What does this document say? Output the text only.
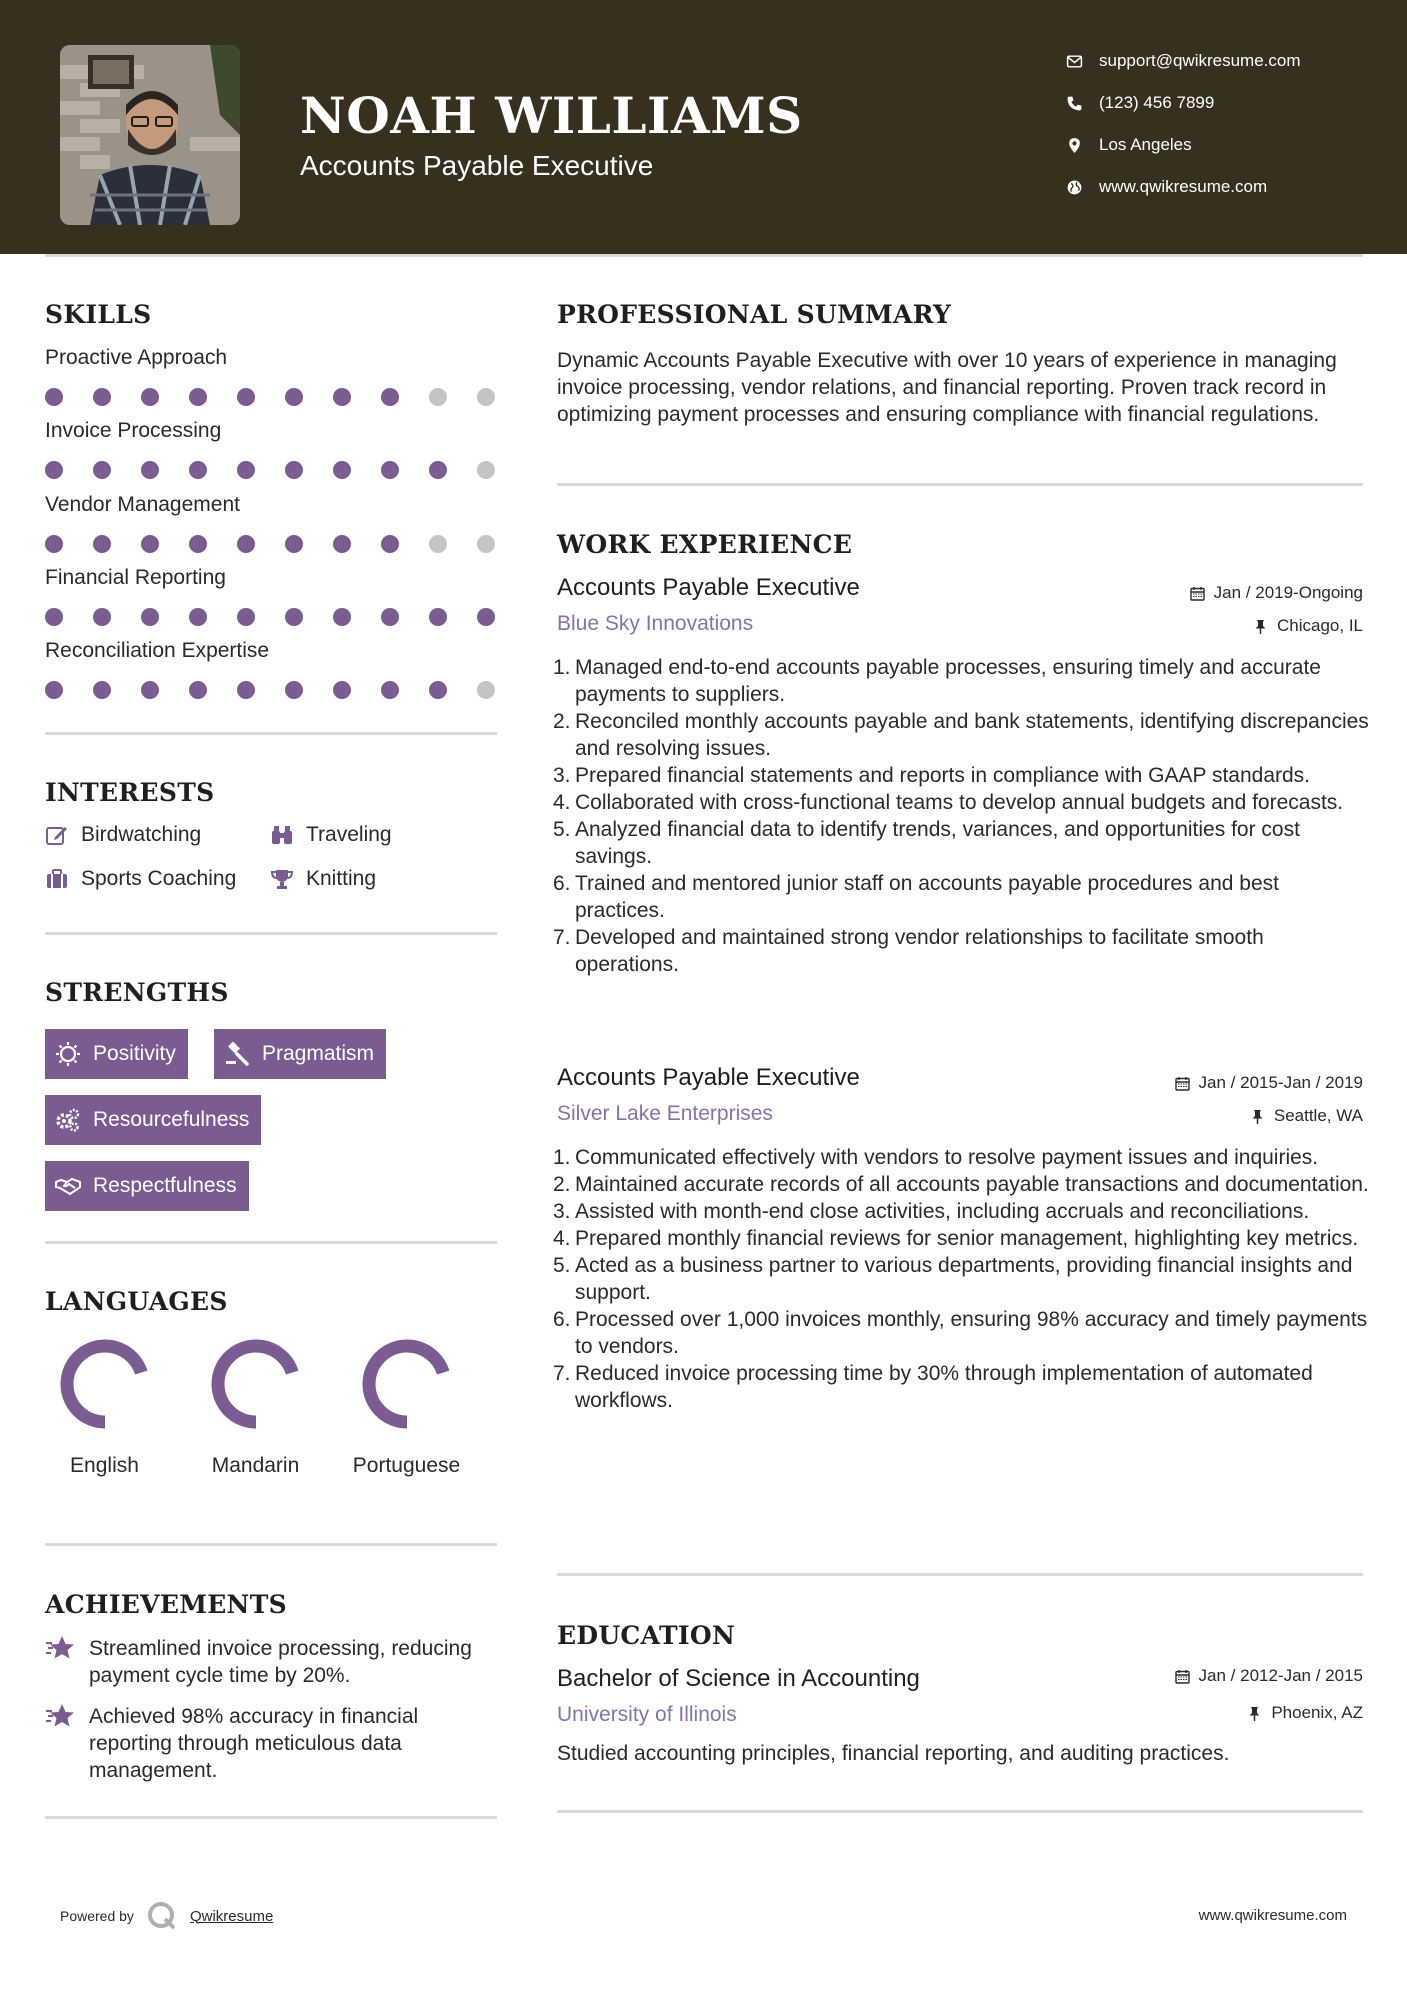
NOAH WILLIAMS
Accounts Payable Executive
support@qwikresume.com
(123) 456 7899
Los Angeles
www.qwikresume.com
SKILLS
Proactive Approach
Invoice Processing
Vendor Management
Financial Reporting
Reconciliation Expertise
INTERESTS
Birdwatching	Traveling
Sports Coaching	Knitting
STRENGTHS
Positivity	Pragmatism
Resourcefulness
Respectfulness
LANGUAGES
English	Mandarin	Portuguese
ACHIEVEMENTS
Streamlined invoice processing, reducing payment cycle time by 20%.
Achieved 98% accuracy in financial reporting through meticulous data management.
PROFESSIONAL SUMMARY
Dynamic Accounts Payable Executive with over 10 years of experience in managing invoice processing, vendor relations, and financial reporting. Proven track record in optimizing payment processes and ensuring compliance with financial regulations.
WORK EXPERIENCE
Accounts Payable Executive	Jan / 2019-Ongoing
Blue Sky Innovations	Chicago, IL
1. Managed end-to-end accounts payable processes, ensuring timely and accurate payments to suppliers.
2. Reconciled monthly accounts payable and bank statements, identifying discrepancies and resolving issues.
3. Prepared financial statements and reports in compliance with GAAP standards.
4. Collaborated with cross-functional teams to develop annual budgets and forecasts.
5. Analyzed financial data to identify trends, variances, and opportunities for cost savings.
6. Trained and mentored junior staff on accounts payable procedures and best practices.
7. Developed and maintained strong vendor relationships to facilitate smooth operations.
Accounts Payable Executive	Jan / 2015-Jan / 2019
Silver Lake Enterprises	Seattle, WA
1. Communicated effectively with vendors to resolve payment issues and inquiries.
2. Maintained accurate records of all accounts payable transactions and documentation.
3. Assisted with month-end close activities, including accruals and reconciliations.
4. Prepared monthly financial reviews for senior management, highlighting key metrics.
5. Acted as a business partner to various departments, providing financial insights and support.
6. Processed over 1,000 invoices monthly, ensuring 98% accuracy and timely payments to vendors.
7. Reduced invoice processing time by 30% through implementation of automated workflows.
EDUCATION
Bachelor of Science in Accounting	Jan / 2012-Jan / 2015
University of Illinois	Phoenix, AZ
Studied accounting principles, financial reporting, and auditing practices.
Powered by	Qwikresume	www.qwikresume.com
